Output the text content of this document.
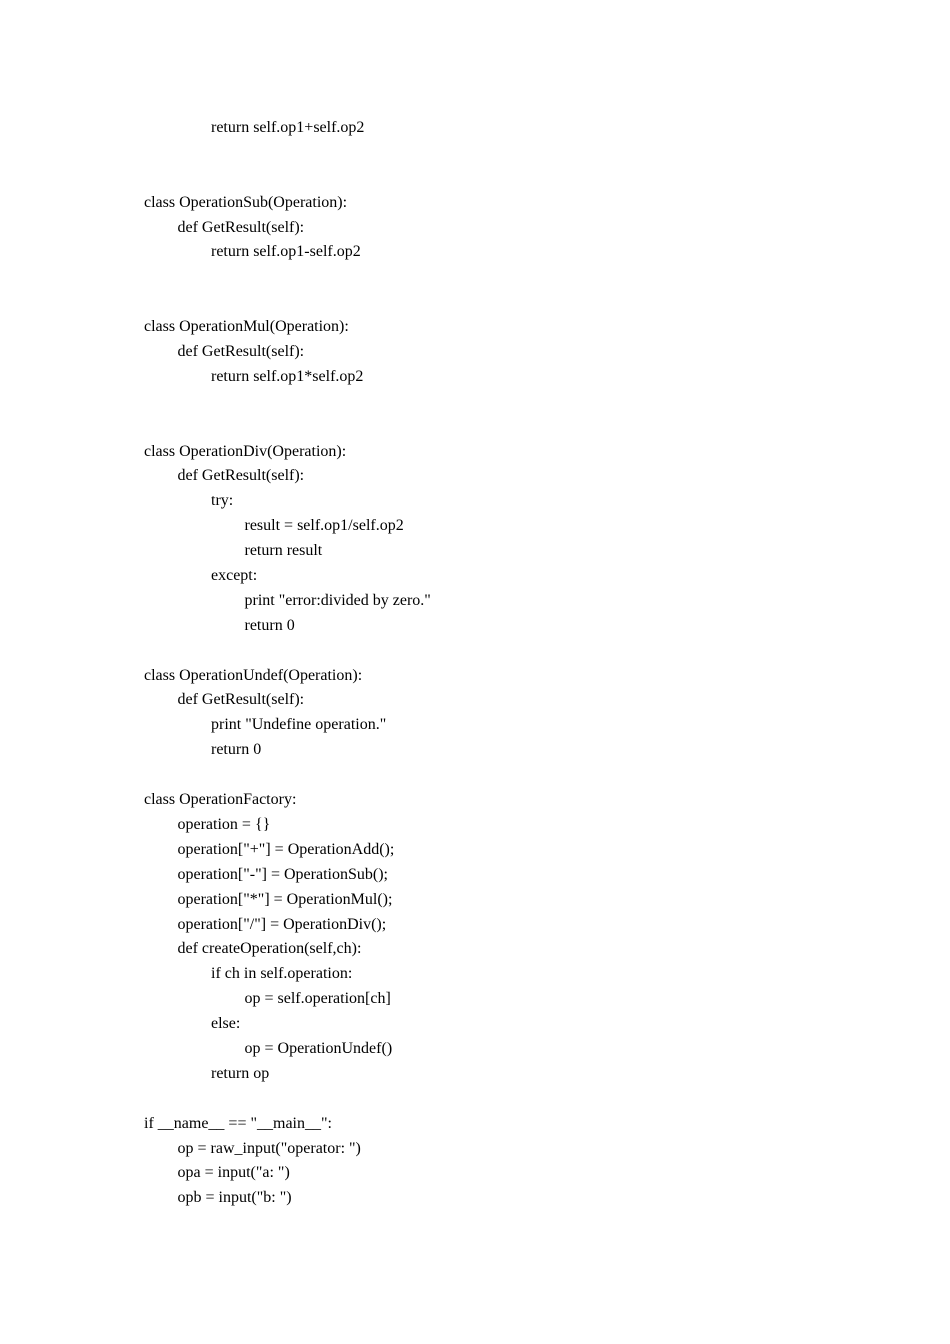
return self.op1+self.op2
class OperationSub(Operation):
def GetResult(self):
return self.op1-self.op2
class OperationMul(Operation):
def GetResult(self):
return self.op1*self.op2
class OperationDiv(Operation):
def GetResult(self):
try:
result = self.op1/self.op2
return result
except:
print "error:divided by zero."
return 0
class OperationUndef(Operation):
def GetResult(self):
print "Undefine operation."
return 0
class OperationFactory:
operation = {}
operation["+"] = OperationAdd();
operation["-"] = OperationSub();
operation["*"] = OperationMul();
operation["/"] = OperationDiv();
def createOperation(self,ch):
if ch in self.operation:
op = self.operation[ch]
else:
op = OperationUndef()
return op
if __name__ == "__main__":
op = raw_input("operator: ")
opa = input("a: ")
opb = input("b: ")
